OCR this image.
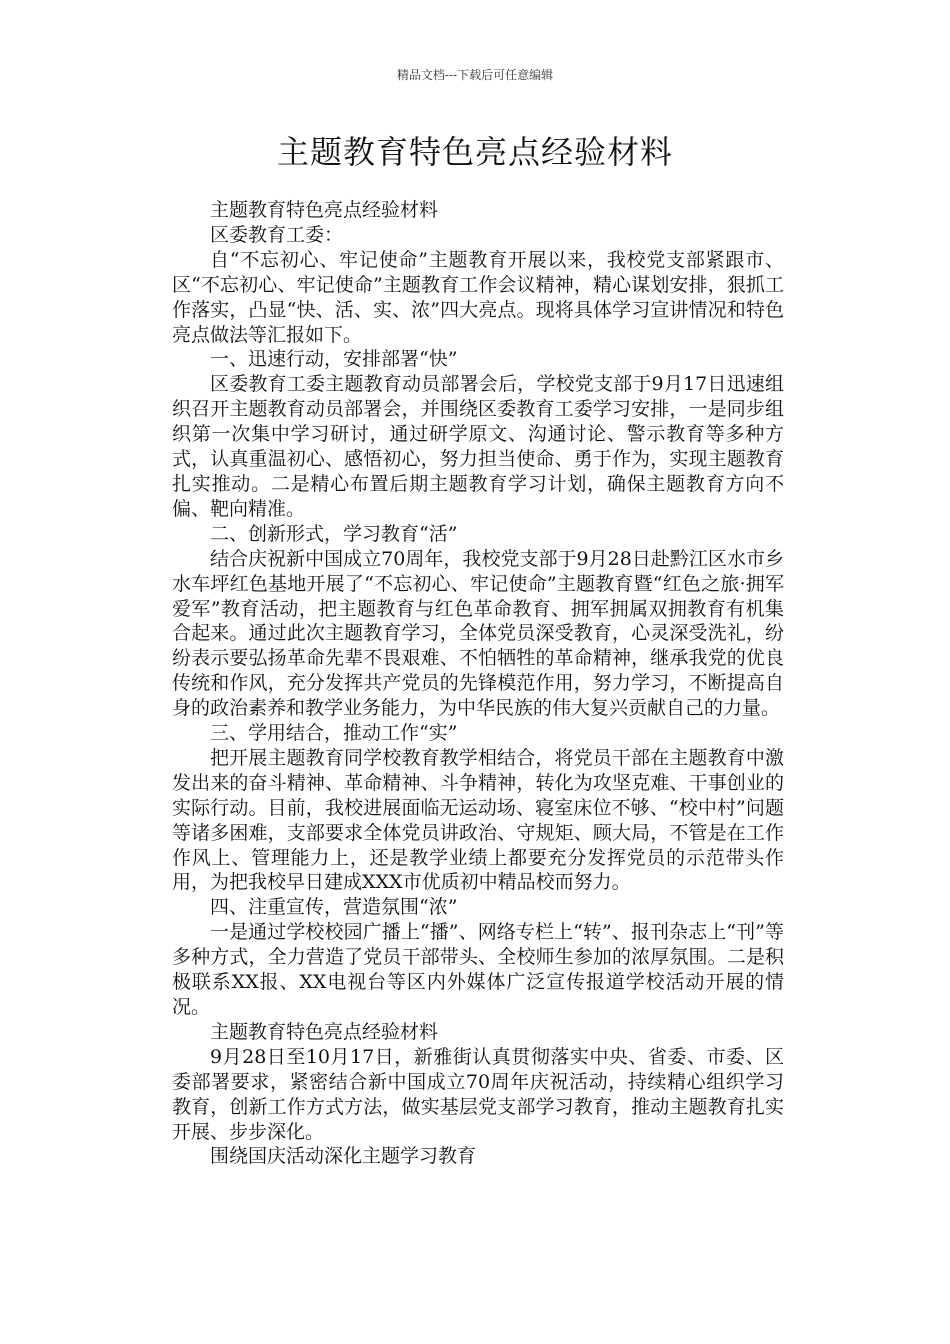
精品文档---下载后可任意编辑
主题教育特色亮点经验材料

主题教育特色亮点经验材料

区委教育工委：

自“不忘初心、牢记使命”主题教育开展以来，我校党支部紧跟市、区“不忘初心、牢记使命”主题教育工作会议精神，精心谋划安排，狠抓工作落实，凸显“快、活、实、浓”四大亮点。现将具体学习宣讲情况和特色亮点做法等汇报如下。

一、迅速行动，安排部署“快”

区委教育工委主题教育动员部署会后，学校党支部于9月17日迅速组织召开主题教育动员部署会，并围绕区委教育工委学习安排，一是同步组织第一次集中学习研讨，通过研学原文、沟通讨论、警示教育等多种方式，认真重温初心、感悟初心，努力担当使命、勇于作为，实现主题教育扎实推动。二是精心布置后期主题教育学习计划，确保主题教育方向不偏、靶向精准。

二、创新形式，学习教育“活”

结合庆祝新中国成立70周年，我校党支部于9月28日赴黔江区水市乡水车坪红色基地开展了“不忘初心、牢记使命”主题教育暨“红色之旅·拥军爱军”教育活动，把主题教育与红色革命教育、拥军拥属双拥教育有机集合起来。通过此次主题教育学习，全体党员深受教育，心灵深受洗礼，纷纷表示要弘扬革命先辈不畏艰难、不怕牺牲的革命精神，继承我党的优良传统和作风，充分发挥共产党员的先锋模范作用，努力学习，不断提高自身的政治素养和教学业务能力，为中华民族的伟大复兴贡献自己的力量。

三、学用结合，推动工作“实”

把开展主题教育同学校教育教学相结合，将党员干部在主题教育中激发出来的奋斗精神、革命精神、斗争精神，转化为攻坚克难、干事创业的实际行动。目前，我校进展面临无运动场、寝室床位不够、“校中村”问题等诸多困难，支部要求全体党员讲政治、守规矩、顾大局，不管是在工作作风上、管理能力上，还是教学业绩上都要充分发挥党员的示范带头作用，为把我校早日建成XXX市优质初中精品校而努力。

四、注重宣传，营造氛围“浓”

一是通过学校校园广播上“播”、网络专栏上“转”、报刊杂志上“刊”等多种方式，全力营造了党员干部带头、全校师生参加的浓厚氛围。二是积极联系XX报、XX电视台等区内外媒体广泛宣传报道学校活动开展的情况。

主题教育特色亮点经验材料

9月28日至10月17日，新雅街认真贯彻落实中央、省委、市委、区委部署要求，紧密结合新中国成立70周年庆祝活动，持续精心组织学习教育，创新工作方式方法，做实基层党支部学习教育，推动主题教育扎实开展、步步深化。

围绕国庆活动深化主题学习教育
